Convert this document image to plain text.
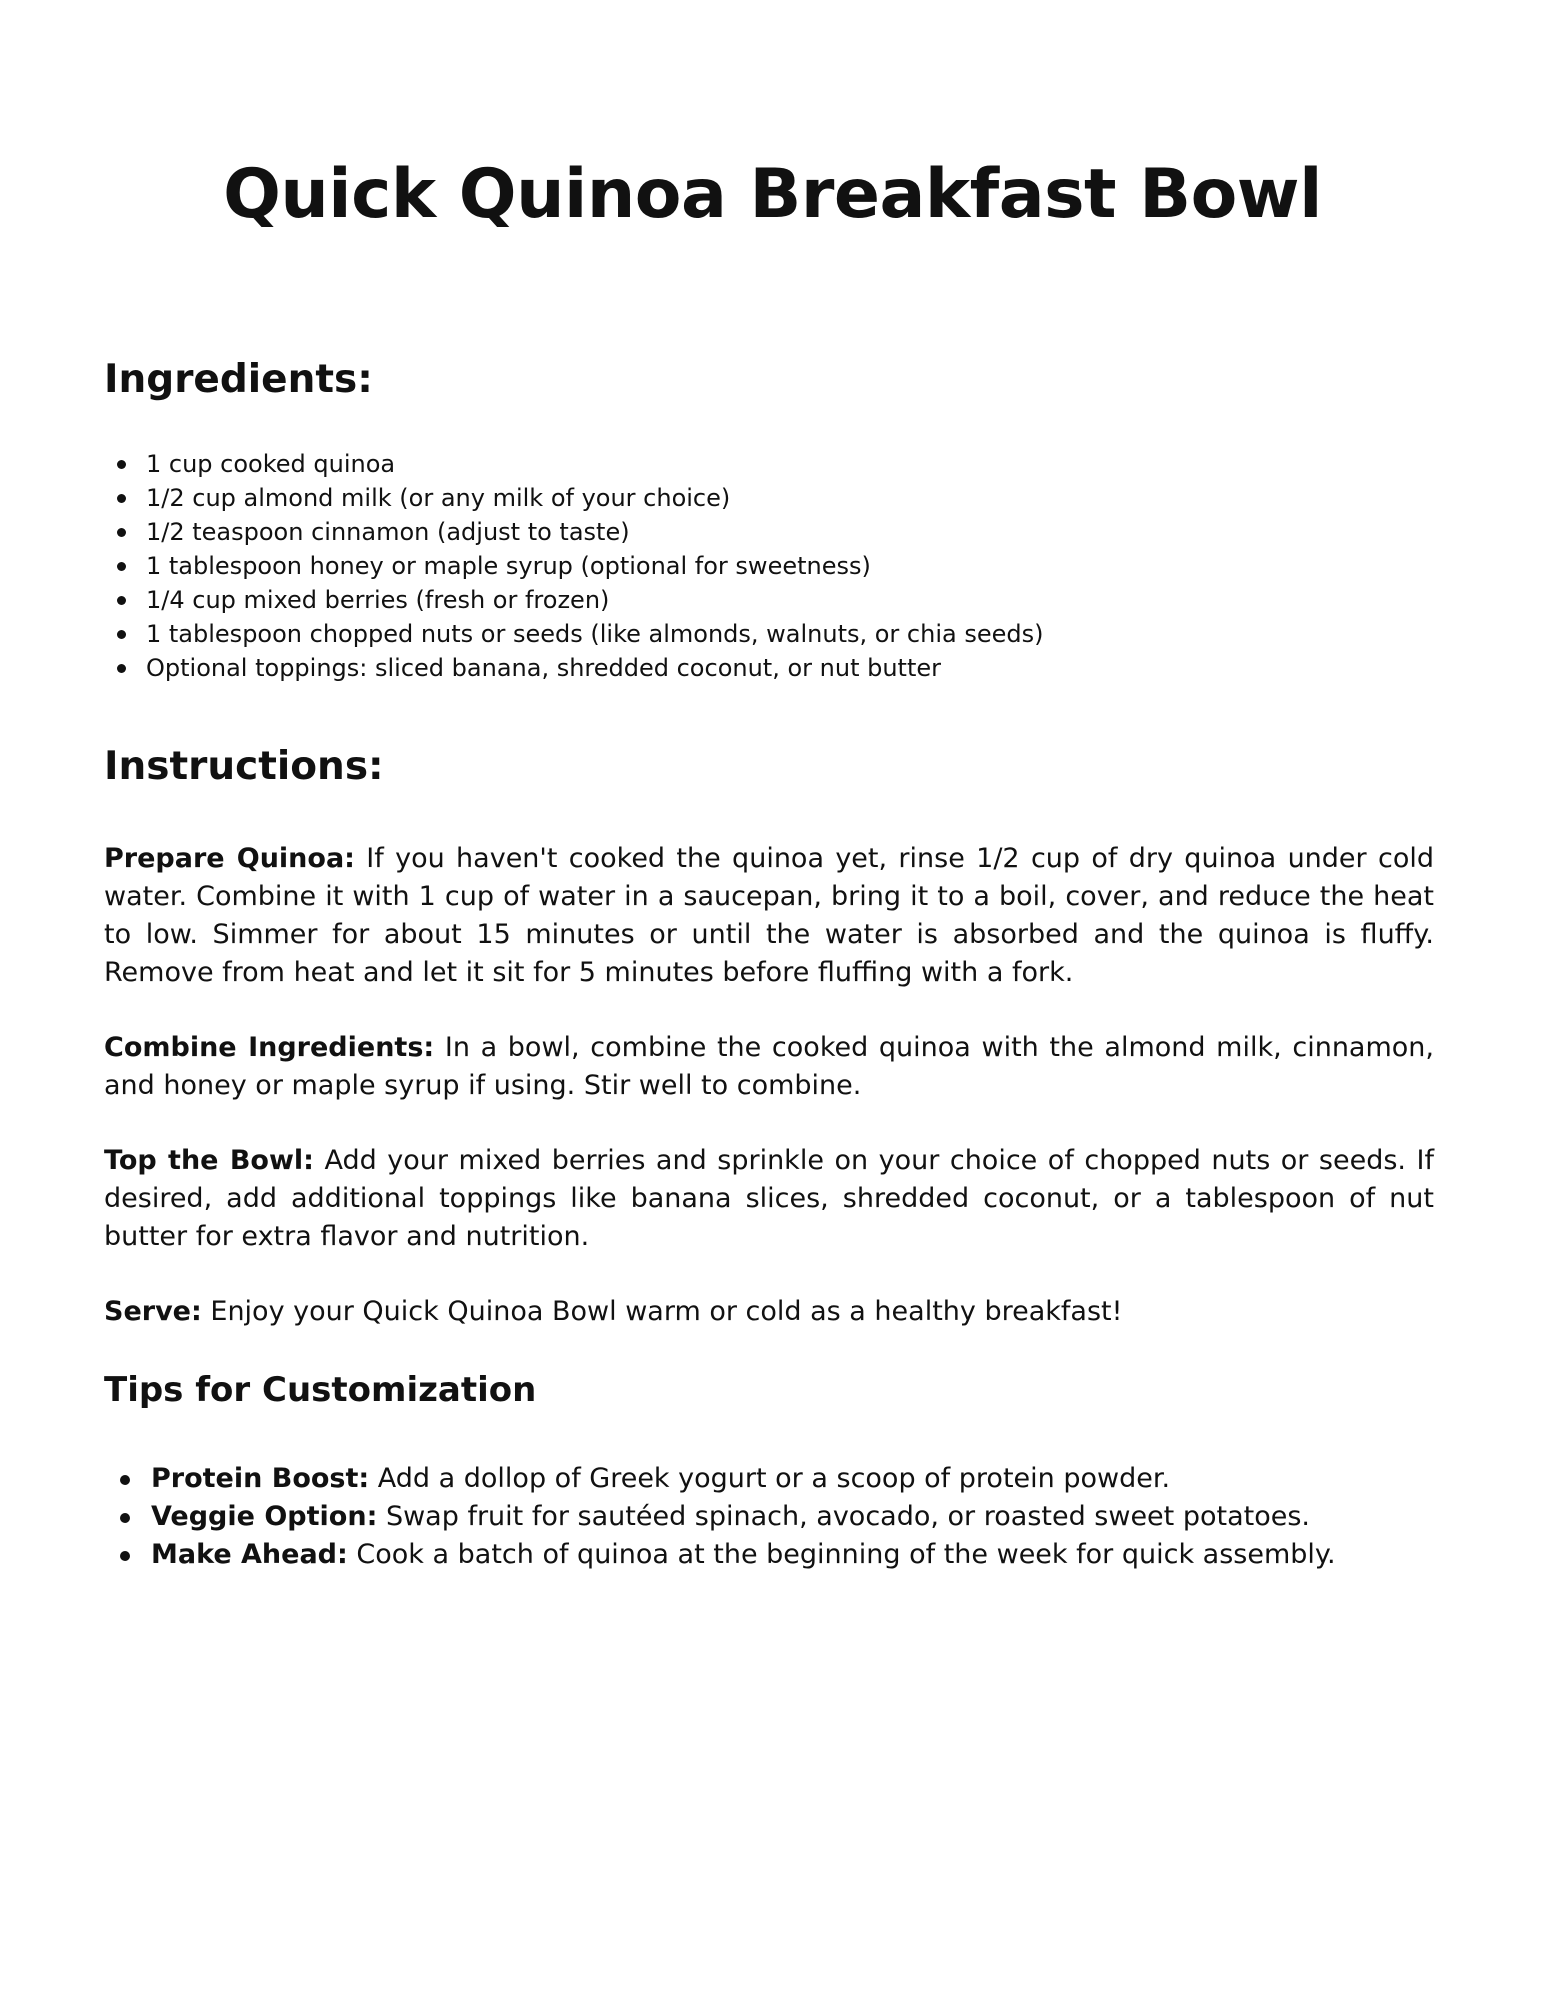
Quick Quinoa Breakfast Bowl
Ingredients:
1 cup cooked quinoa
1/2 cup almond milk (or any milk of your choice)
1/2 teaspoon cinnamon (adjust to taste)
1 tablespoon honey or maple syrup (optional for sweetness)
1/4 cup mixed berries (fresh or frozen)
1 tablespoon chopped nuts or seeds (like almonds, walnuts, or chia seeds)
Optional toppings: sliced banana, shredded coconut, or nut butter
Instructions:

Prepare Quinoa: If you haven't cooked the quinoa yet, rinse 1/2 cup of dry quinoa under cold water. Combine it with 1 cup of water in a saucepan, bring it to a boil, cover, and reduce the heat to low. Simmer for about 15 minutes or until the water is absorbed and the quinoa is fluffy. Remove from heat and let it sit for 5 minutes before fluffing with a fork.

Combine Ingredients: In a bowl, combine the cooked quinoa with the almond milk, cinnamon, and honey or maple syrup if using. Stir well to combine.

Top the Bowl: Add your mixed berries and sprinkle on your choice of chopped nuts or seeds. If desired, add additional toppings like banana slices, shredded coconut, or a tablespoon of nut butter for extra flavor and nutrition.

Serve: Enjoy your Quick Quinoa Bowl warm or cold as a healthy breakfast!

Tips for Customization
Protein Boost: Add a dollop of Greek yogurt or a scoop of protein powder.
Veggie Option: Swap fruit for sautéed spinach, avocado, or roasted sweet potatoes.
Make Ahead: Cook a batch of quinoa at the beginning of the week for quick assembly.
